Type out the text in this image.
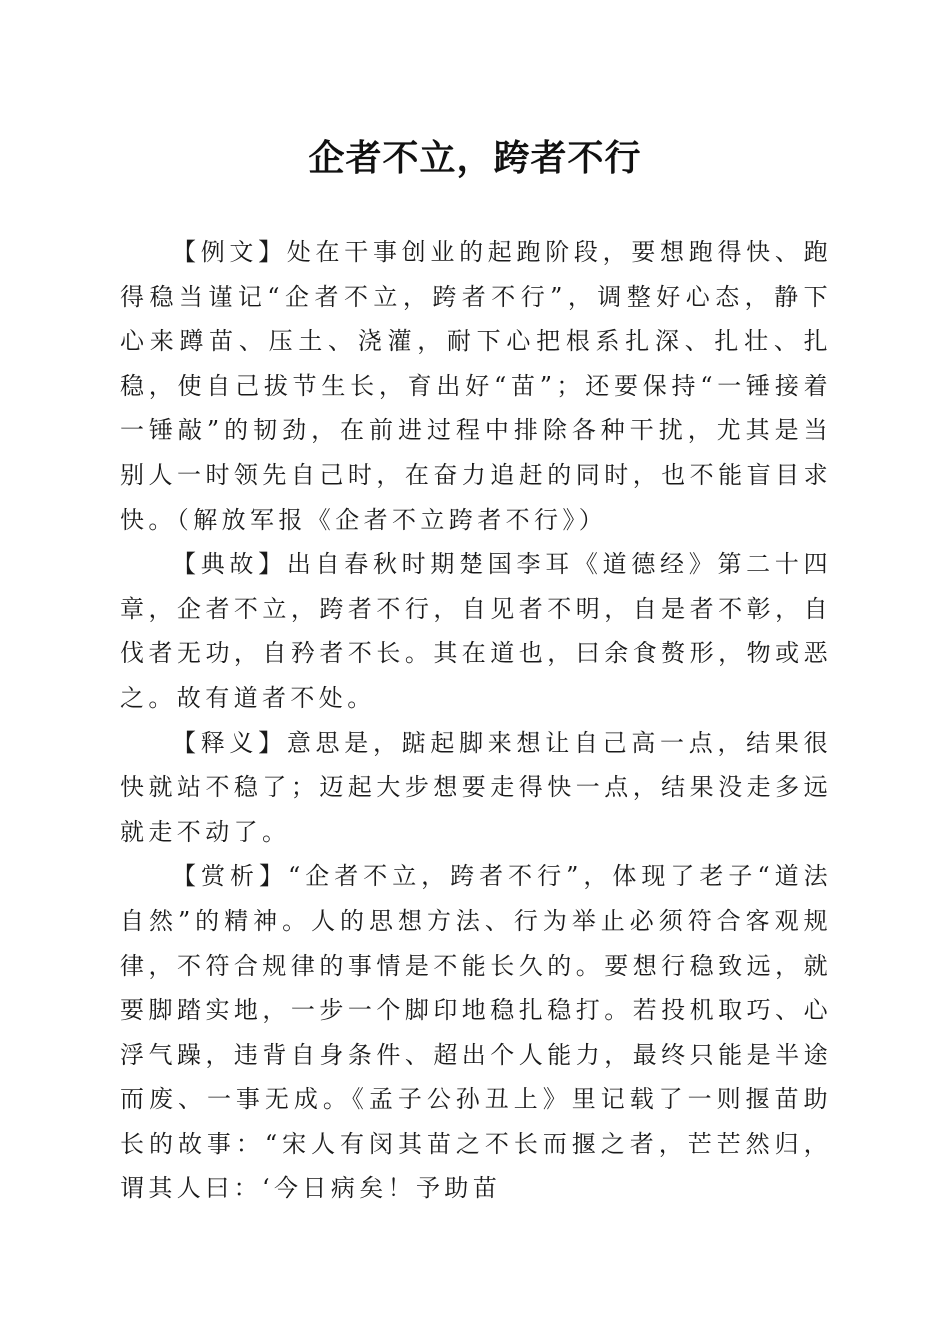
企者不立，跨者不行

【例文】处在干事创业的起跑阶段，要想跑得快、跑得稳当谨记“企者不立，跨者不行”，调整好心态，静下心来蹲苗、压土、浇灌，耐下心把根系扎深、扎壮、扎稳，使自己拔节生长，育出好“苗”；还要保持“一锤接着一锤敲”的韧劲，在前进过程中排除各种干扰，尤其是当别人一时领先自己时，在奋力追赶的同时，也不能盲目求快。（解放军报《企者不立跨者不行》）

【典故】出自春秋时期楚国李耳《道德经》第二十四章，企者不立，跨者不行，自见者不明，自是者不彰，自伐者无功，自矜者不长。其在道也，曰余食赘形，物或恶之。故有道者不处。

【释义】意思是，踮起脚来想让自己高一点，结果很快就站不稳了；迈起大步想要走得快一点，结果没走多远就走不动了。

【赏析】“企者不立，跨者不行”，体现了老子“道法自然”的精神。人的思想方法、行为举止必须符合客观规律，不符合规律的事情是不能长久的。要想行稳致远，就要脚踏实地，一步一个脚印地稳扎稳打。若投机取巧、心浮气躁，违背自身条件、超出个人能力，最终只能是半途而废、一事无成。《孟子公孙丑上》里记载了一则揠苗助长的故事：“宋人有闵其苗之不长而揠之者，芒芒然归，谓其人曰：‘今日病矣！予助苗
